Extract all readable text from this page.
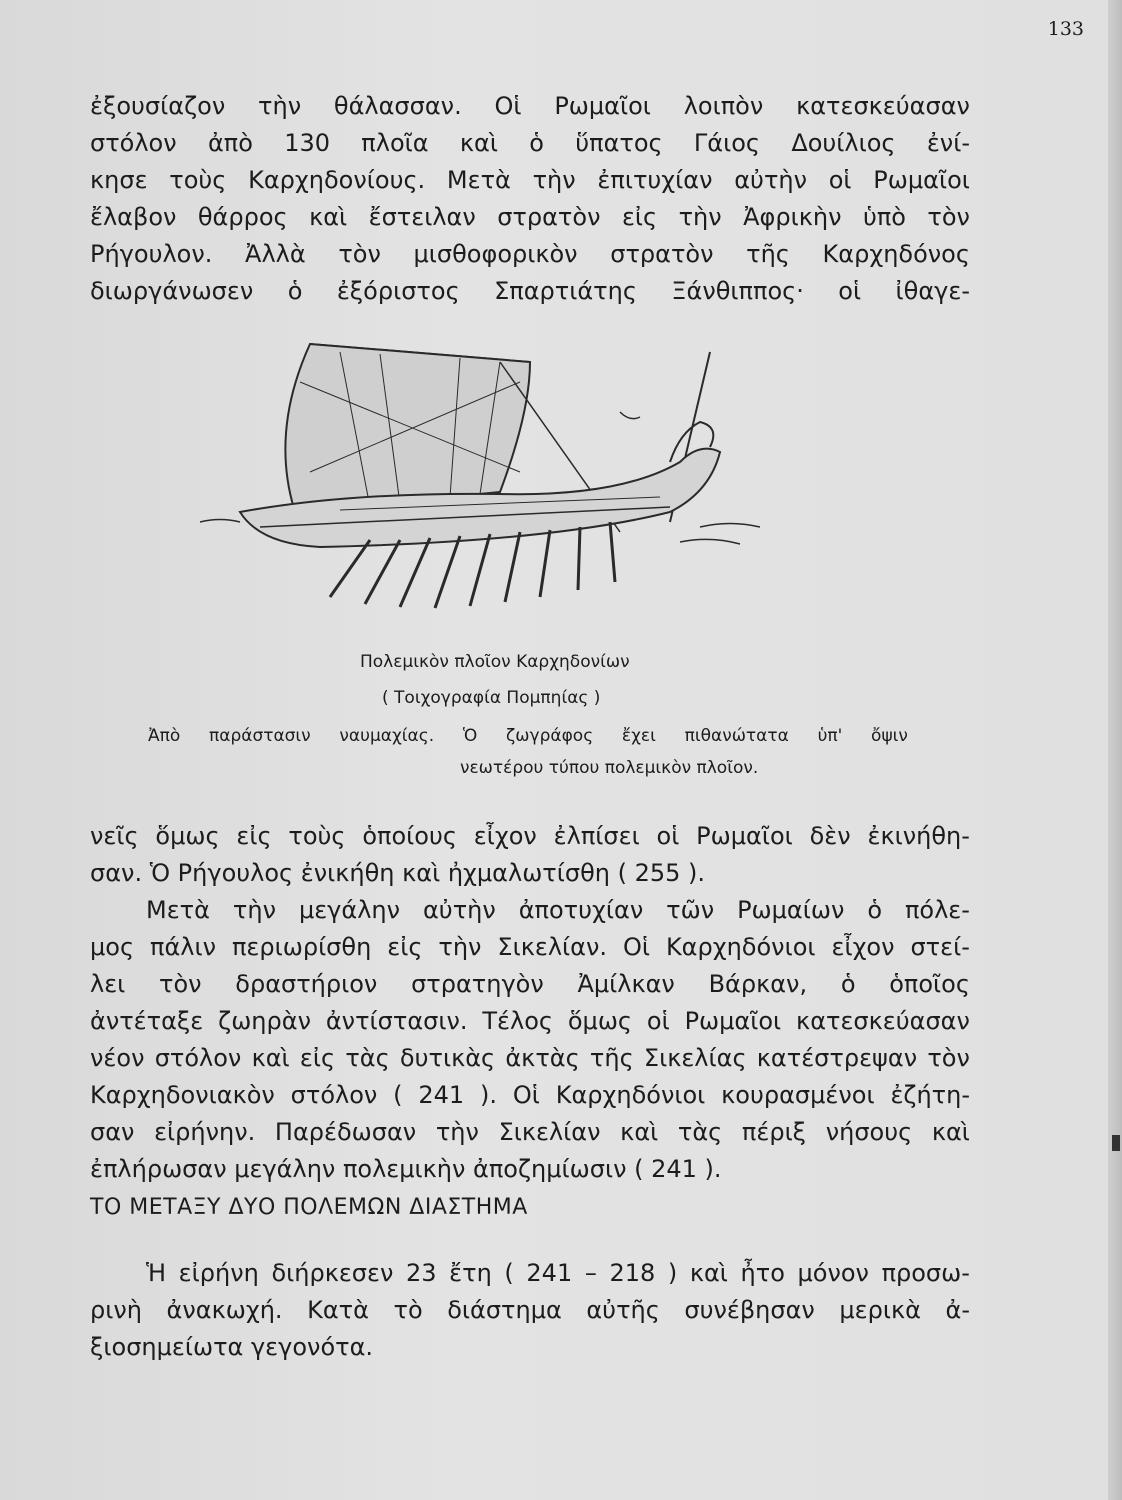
133
ἐξουσίαζον τὴν θάλασσαν. Οἱ Ρωμαῖοι λοιπὸν κατεσκεύασαν
στόλον ἀπὸ 130 πλοῖα καὶ ὁ ὕπατος Γάιος Δουίλιος ἐνί-
κησε τοὺς Καρχηδονίους. Μετὰ τὴν ἐπιτυχίαν αὐτὴν οἱ Ρωμαῖοι
ἔλαβον θάρρος καὶ ἔστειλαν στρατὸν εἰς τὴν Ἀφρικὴν ὑπὸ τὸν
Ρήγουλον. Ἀλλὰ τὸν μισθοφορικὸν στρατὸν τῆς Καρχηδόνος
διωργάνωσεν ὁ ἐξόριστος Σπαρτιάτης Ξάνθιππος· οἱ ἰθαγε-
Πολεμικὸν πλοῖον Καρχηδονίων
( Τοιχογραφία Πομπηίας )
Ἀπὸ παράστασιν ναυμαχίας. Ὁ ζωγράφος ἔχει πιθανώτατα ὑπ' ὄψιν
νεωτέρου τύπου πολεμικὸν πλοῖον.
νεῖς ὅμως εἰς τοὺς ὁποίους εἶχον ἐλπίσει οἱ Ρωμαῖοι δὲν ἐκινήθη-
σαν. Ὁ Ρήγουλος ἐνικήθη καὶ ἠχμαλωτίσθη ( 255 ).
Μετὰ τὴν μεγάλην αὐτὴν ἀποτυχίαν τῶν Ρωμαίων ὁ πόλε-
μος πάλιν περιωρίσθη εἰς τὴν Σικελίαν. Οἱ Καρχηδόνιοι εἶχον στεί-
λει τὸν δραστήριον στρατηγὸν Ἀμίλκαν Βάρκαν, ὁ ὁποῖος
ἀντέταξε ζωηρὰν ἀντίστασιν. Τέλος ὅμως οἱ Ρωμαῖοι κατεσκεύασαν
νέον στόλον καὶ εἰς τὰς δυτικὰς ἀκτὰς τῆς Σικελίας κατέστρεψαν τὸν
Καρχηδονιακὸν στόλον ( 241 ). Οἱ Καρχηδόνιοι κουρασμένοι ἐζήτη-
σαν εἰρήνην. Παρέδωσαν τὴν Σικελίαν καὶ τὰς πέριξ νήσους καὶ
ἐπλήρωσαν μεγάλην πολεμικὴν ἀποζημίωσιν ( 241 ).
ΤΟ ΜΕΤΑΞΥ ΔΥΟ ΠΟΛΕΜΩΝ ΔΙΑΣΤΗΜΑ
Ἡ εἰρήνη διήρκεσεν 23 ἔτη ( 241 – 218 ) καὶ ἦτο μόνον προσω-
ρινὴ ἀνακωχή. Κατὰ τὸ διάστημα αὐτῆς συνέβησαν μερικὰ ἀ-
ξιοσημείωτα γεγονότα.
